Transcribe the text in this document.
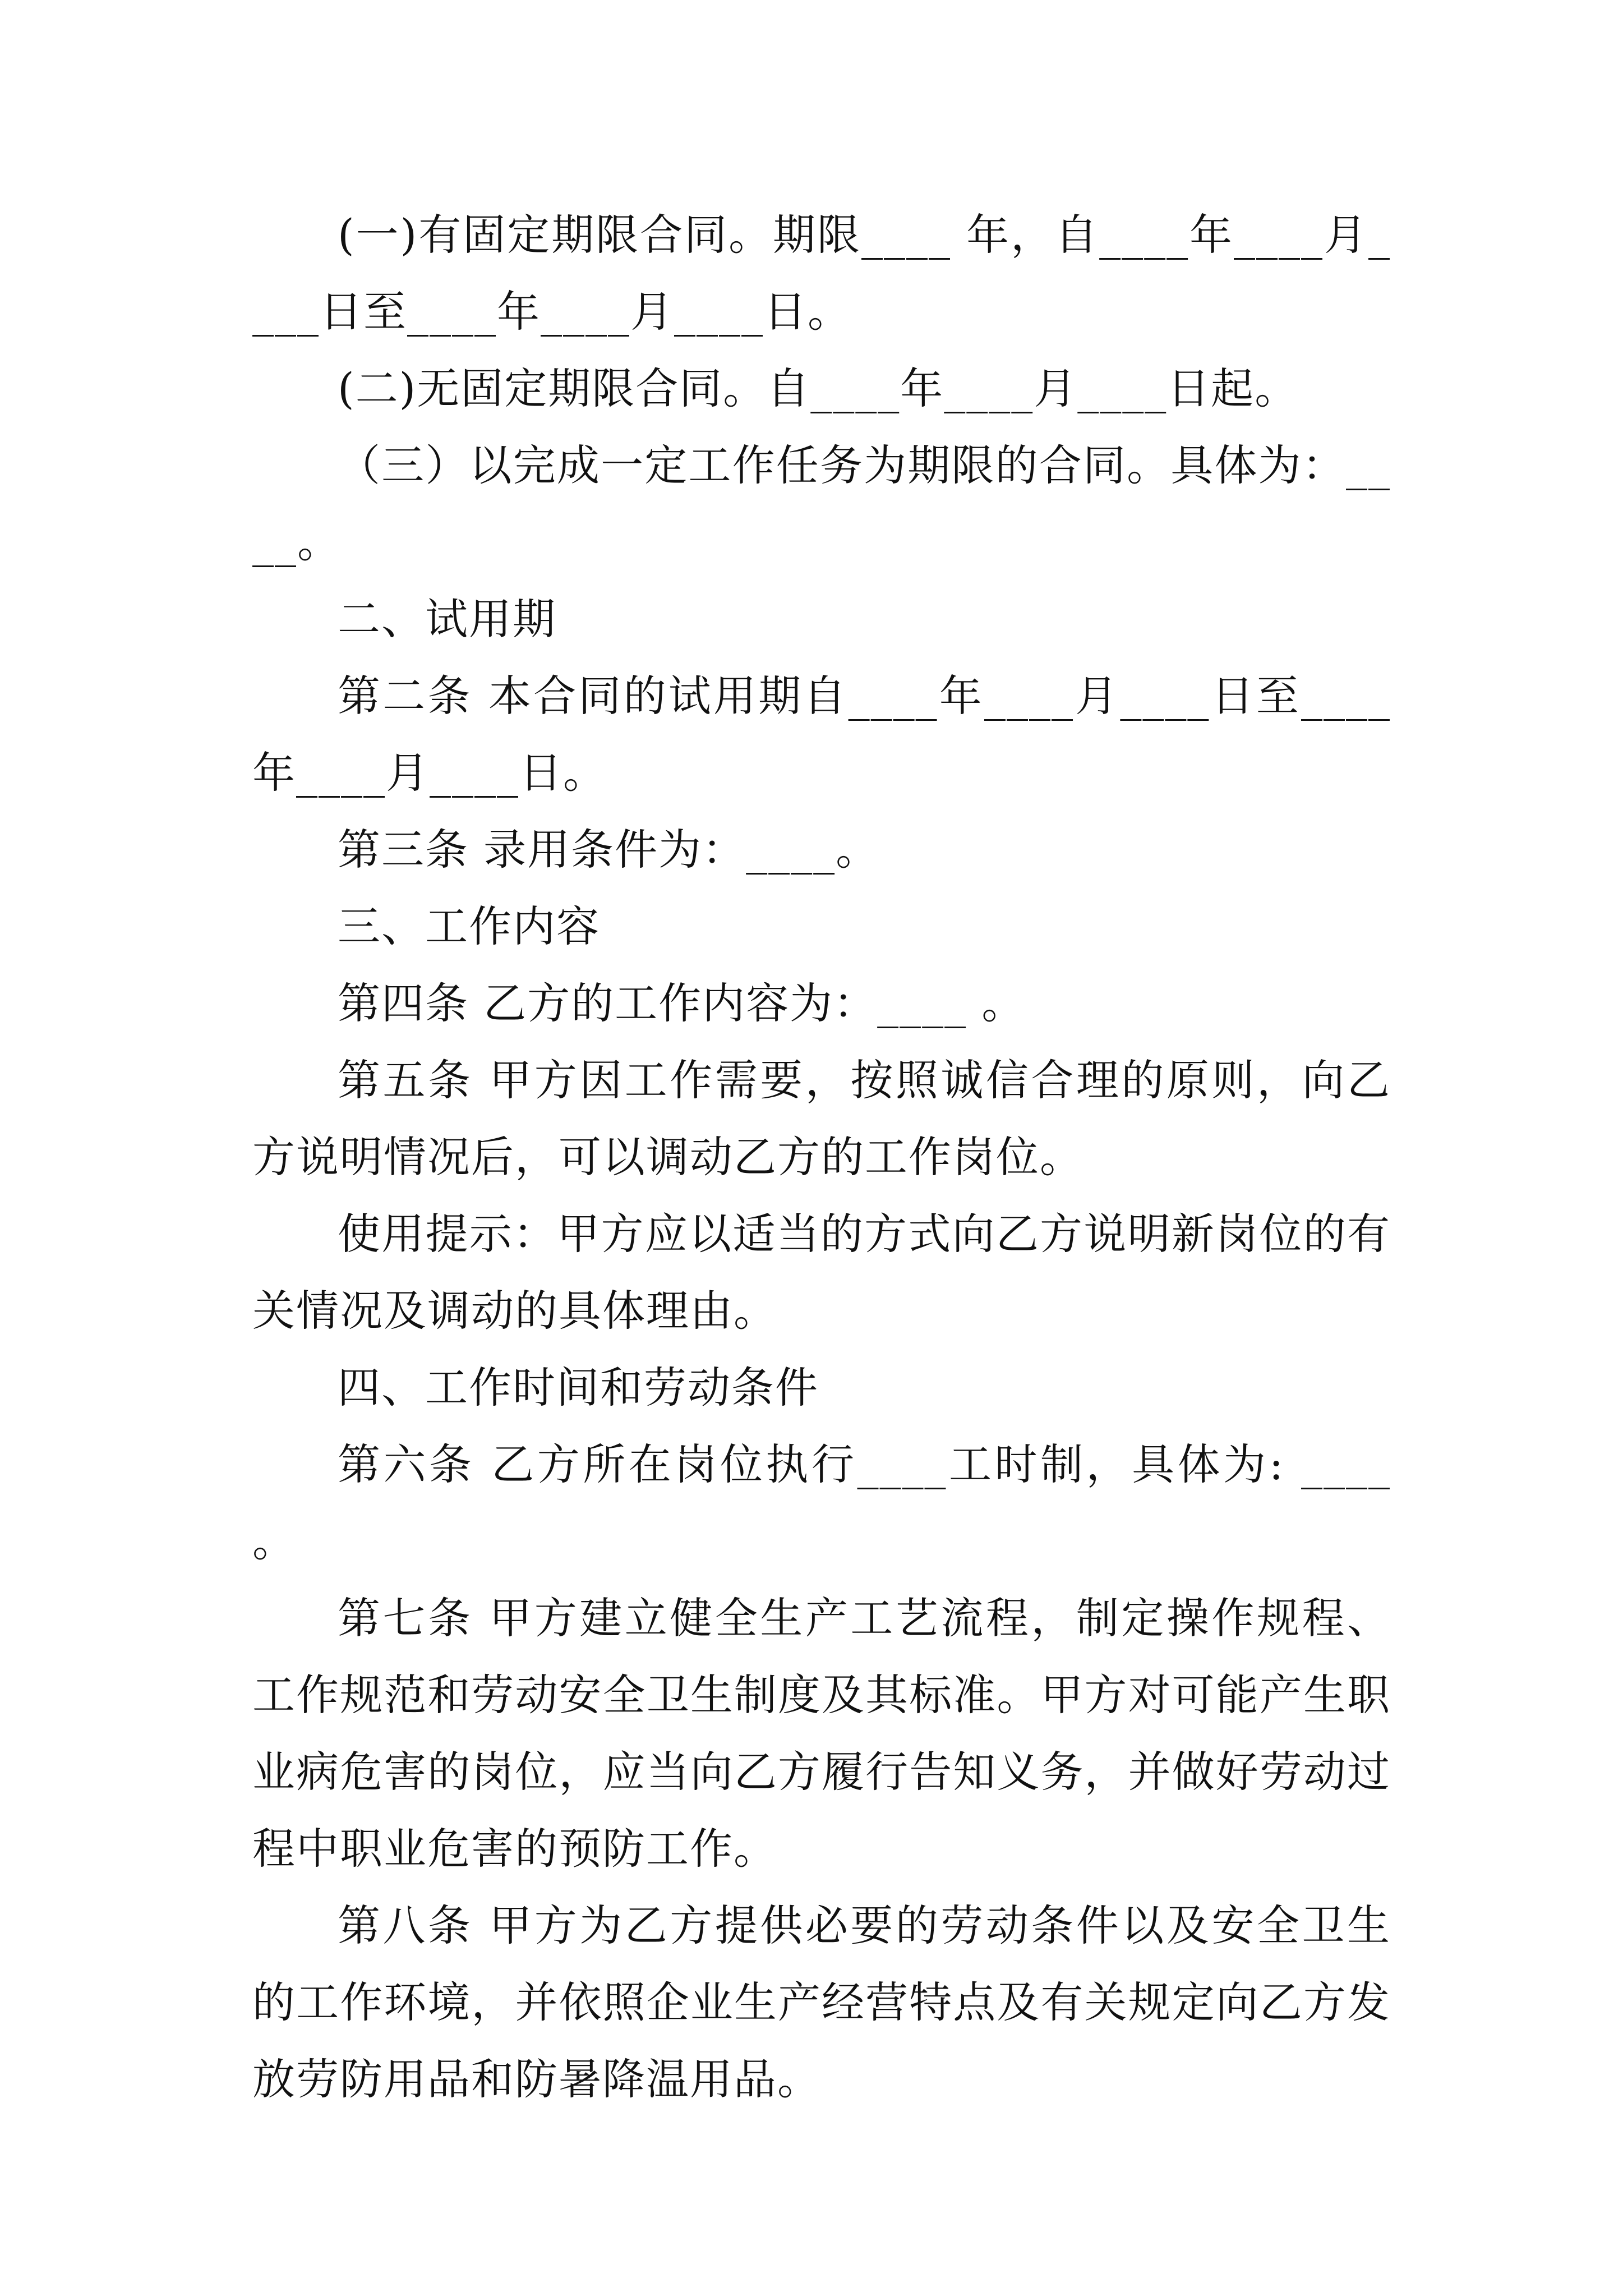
(一)有固定期限合同。期限____ 年，自____年____月____日至____年____月____日。

(二)无固定期限合同。自____年____月____日起。

（三）以完成一定工作任务为期限的合同。具体为：____。

二、试用期

第二条 本合同的试用期自____年____月____日至____年____月____日。

第三条 录用条件为：____。

三、工作内容

第四条 乙方的工作内容为：____ 。

第五条 甲方因工作需要，按照诚信合理的原则，向乙方说明情况后，可以调动乙方的工作岗位。

使用提示：甲方应以适当的方式向乙方说明新岗位的有关情况及调动的具体理由。

四、工作时间和劳动条件

第六条 乙方所在岗位执行____工时制，具体为: ____ 。

第七条 甲方建立健全生产工艺流程，制定操作规程、工作规范和劳动安全卫生制度及其标准。甲方对可能产生职业病危害的岗位，应当向乙方履行告知义务，并做好劳动过程中职业危害的预防工作。

第八条 甲方为乙方提供必要的劳动条件以及安全卫生的工作环境，并依照企业生产经营特点及有关规定向乙方发放劳防用品和防暑降温用品。
